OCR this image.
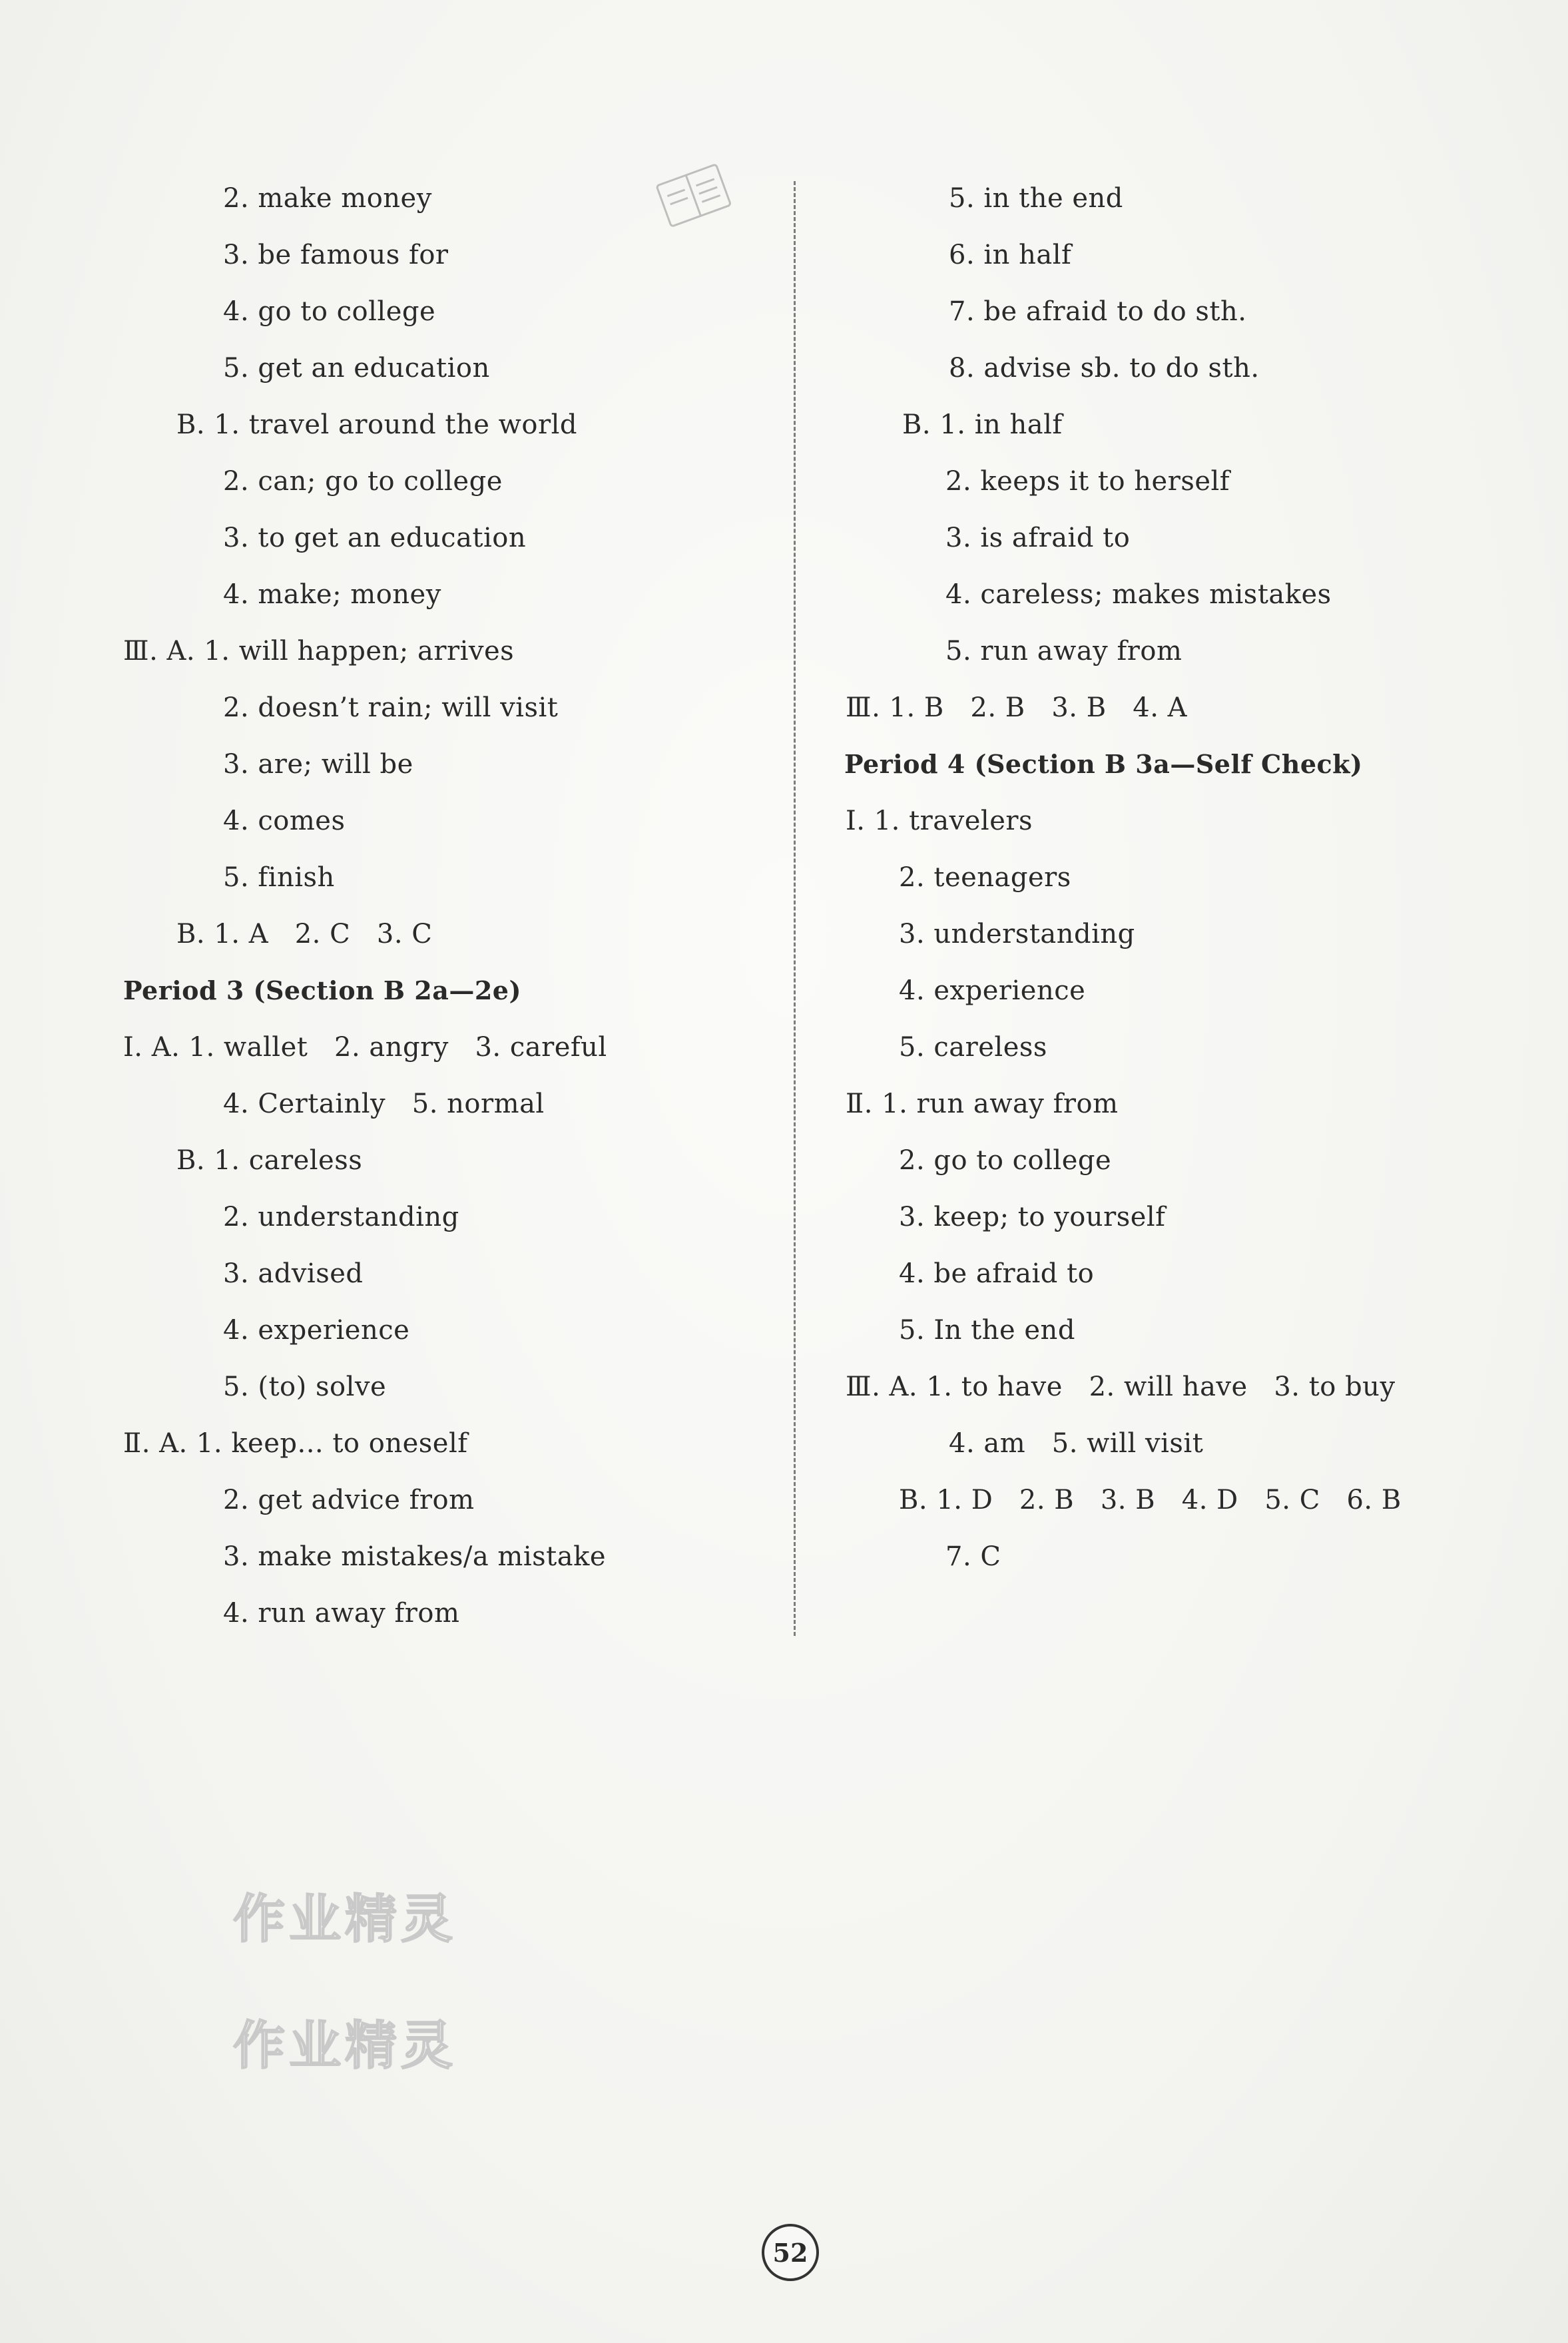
2. make money
3. be famous for
4. go to college
5. get an education
B. 1. travel around the world
2. can; go to college
3. to get an education
4. make; money
Ⅲ. A. 1. will happen; arrives
2. doesn’t rain; will visit
3. are; will be
4. comes
5. finish
B. 1. A   2. C   3. C
Period 3 (Section B 2a—2e)
Ⅰ. A. 1. wallet   2. angry   3. careful
4. Certainly   5. normal
B. 1. careless
2. understanding
3. advised
4. experience
5. (to) solve
Ⅱ. A. 1. keep... to oneself
2. get advice from
3. make mistakes/a mistake
4. run away from
5. in the end
6. in half
7. be afraid to do sth.
8. advise sb. to do sth.
B. 1. in half
2. keeps it to herself
3. is afraid to
4. careless; makes mistakes
5. run away from
Ⅲ. 1. B   2. B   3. B   4. A
Period 4 (Section B 3a—Self Check)
Ⅰ. 1. travelers
2. teenagers
3. understanding
4. experience
5. careless
Ⅱ. 1. run away from
2. go to college
3. keep; to yourself
4. be afraid to
5. In the end
Ⅲ. A. 1. to have   2. will have   3. to buy
4. am   5. will visit
B. 1. D   2. B   3. B   4. D   5. C   6. B
7. C
作业精灵
作业精灵
52
